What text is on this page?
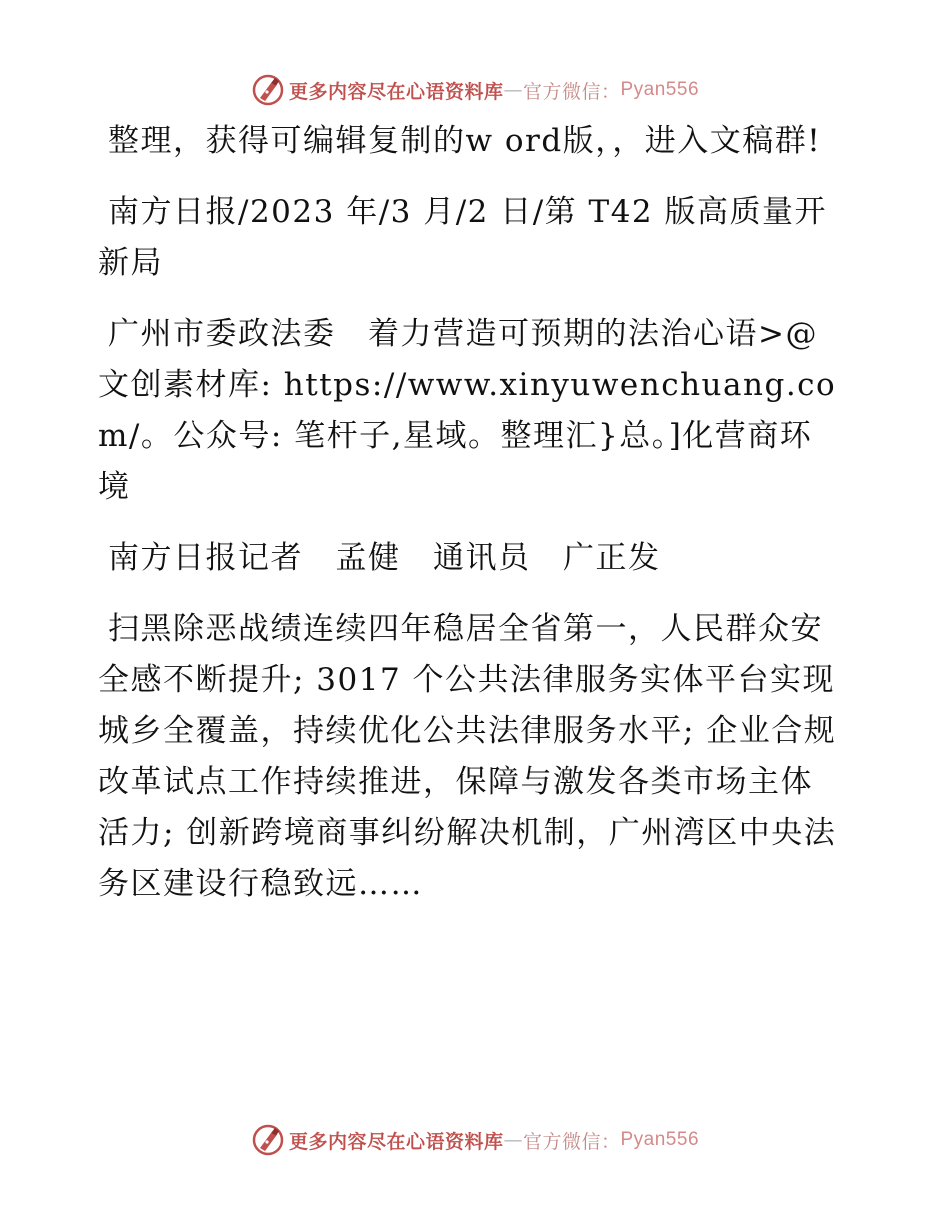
更多内容尽在心语资料库 — 官方微信： Pyan556

整理，获得可编辑复制的w ord版，，进入文稿群!

南方日报/2023 年/3 月/2 日/第 T42 版高质量开新局

广州市委政法委　着力营造可预期的法治心语>@文创素材库: https://www.xinyuwenchuang.com/。公众号: 笔杆子,星域。整理汇}总。]化营商环境

南方日报记者　孟健　通讯员　广正发

扫黑除恶战绩连续四年稳居全省第一，人民群众安全感不断提升; 3017 个公共法律服务实体平台实现城乡全覆盖，持续优化公共法律服务水平; 企业合规改革试点工作持续推进，保障与激发各类市场主体活力; 创新跨境商事纠纷解决机制，广州湾区中央法务区建设行稳致远……

更多内容尽在心语资料库 — 官方微信： Pyan556
